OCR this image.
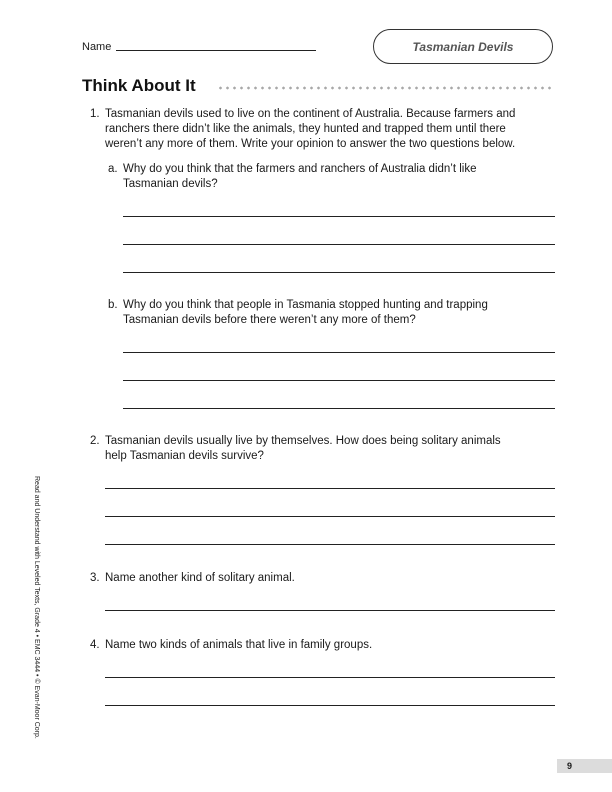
Name	Tasmanian Devils
Think About It
1. Tasmanian devils used to live on the continent of Australia. Because farmers and ranchers there didn’t like the animals, they hunted and trapped them until there weren’t any more of them. Write your opinion to answer the two questions below.
a. Why do you think that the farmers and ranchers of Australia didn’t like Tasmanian devils?
b. Why do you think that people in Tasmania stopped hunting and trapping Tasmanian devils before there weren’t any more of them?
2. Tasmanian devils usually live by themselves. How does being solitary animals help Tasmanian devils survive?
3. Name another kind of solitary animal.
4. Name two kinds of animals that live in family groups.
Read and Understand with Leveled Texts, Grade 4 • EMC 3444 • © Evan-Moor Corp.
9
